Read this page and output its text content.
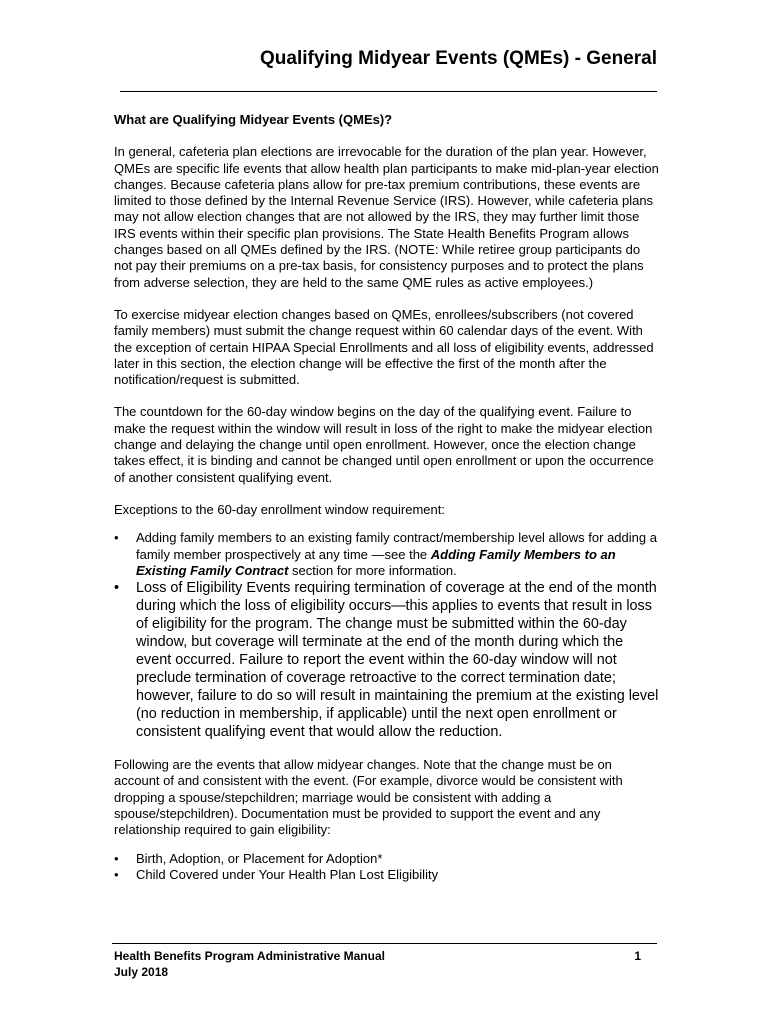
Qualifying Midyear Events (QMEs) - General

What are Qualifying Midyear Events (QMEs)?

In general, cafeteria plan elections are irrevocable for the duration of the plan year. However, QMEs are specific life events that allow health plan participants to make mid-plan-year election changes. Because cafeteria plans allow for pre-tax premium contributions, these events are limited to those defined by the Internal Revenue Service (IRS). However, while cafeteria plans may not allow election changes that are not allowed by the IRS, they may further limit those IRS events within their specific plan provisions. The State Health Benefits Program allows changes based on all QMEs defined by the IRS. (NOTE: While retiree group participants do not pay their premiums on a pre-tax basis, for consistency purposes and to protect the plans from adverse selection, they are held to the same QME rules as active employees.)

To exercise midyear election changes based on QMEs, enrollees/subscribers (not covered family members) must submit the change request within 60 calendar days of the event. With the exception of certain HIPAA Special Enrollments and all loss of eligibility events, addressed later in this section, the election change will be effective the first of the month after the notification/request is submitted.

The countdown for the 60-day window begins on the day of the qualifying event. Failure to make the request within the window will result in loss of the right to make the midyear election change and delaying the change until open enrollment. However, once the election change takes effect, it is binding and cannot be changed until open enrollment or upon the occurrence of another consistent qualifying event.

Exceptions to the 60-day enrollment window requirement:

• Adding family members to an existing family contract/membership level allows for adding a family member prospectively at any time —see the Adding Family Members to an Existing Family Contract section for more information.
• Loss of Eligibility Events requiring termination of coverage at the end of the month during which the loss of eligibility occurs—this applies to events that result in loss of eligibility for the program. The change must be submitted within the 60-day window, but coverage will terminate at the end of the month during which the event occurred. Failure to report the event within the 60-day window will not preclude termination of coverage retroactive to the correct termination date; however, failure to do so will result in maintaining the premium at the existing level (no reduction in membership, if applicable) until the next open enrollment or consistent qualifying event that would allow the reduction.

Following are the events that allow midyear changes. Note that the change must be on account of and consistent with the event. (For example, divorce would be consistent with dropping a spouse/stepchildren; marriage would be consistent with adding a spouse/stepchildren). Documentation must be provided to support the event and any relationship required to gain eligibility:

• Birth, Adoption, or Placement for Adoption*
• Child Covered under Your Health Plan Lost Eligibility
Health Benefits Program Administrative Manual
July 2018
1
